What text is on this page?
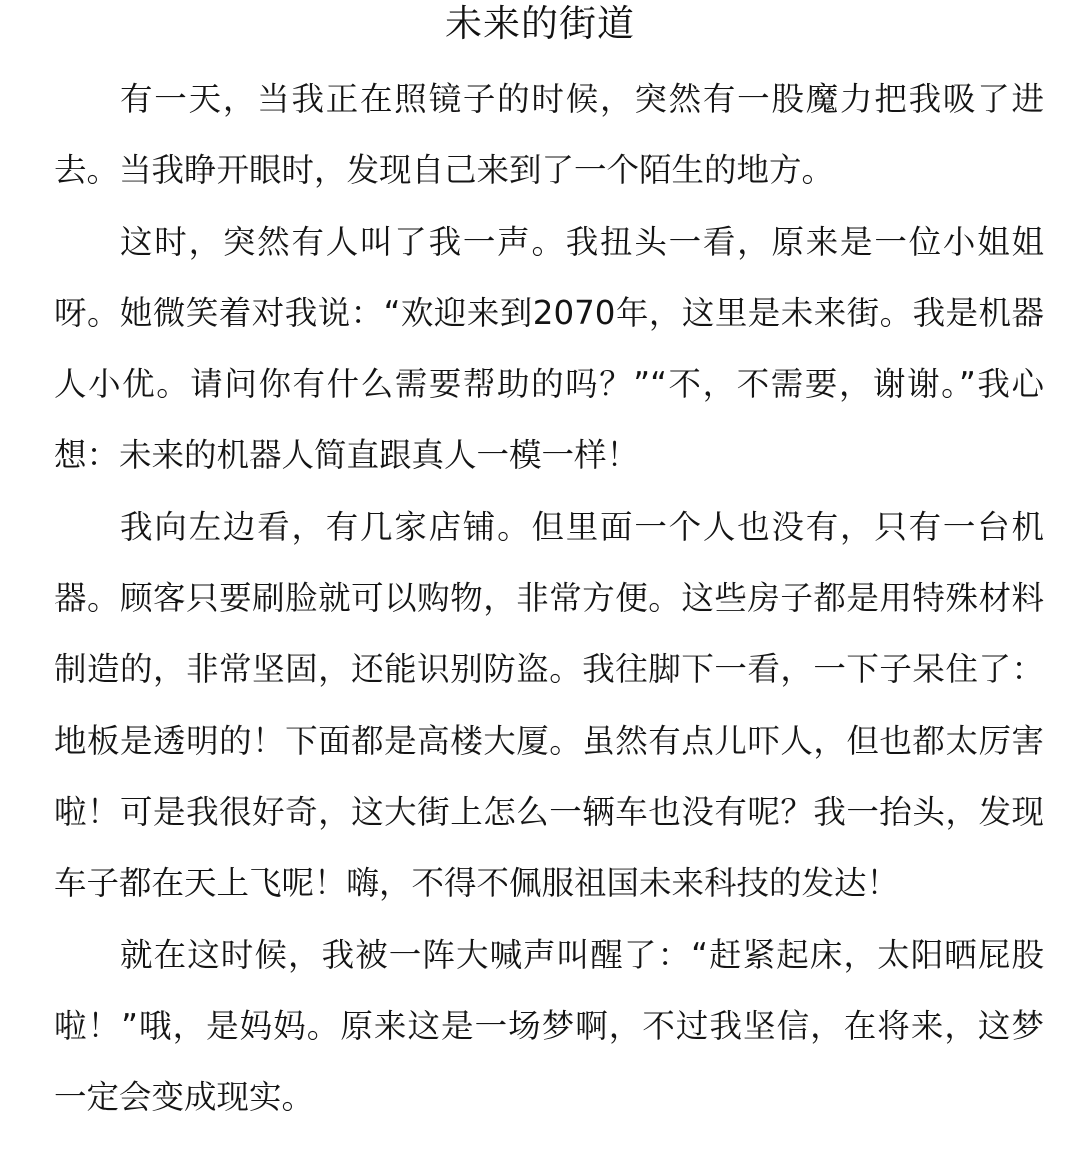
未来的街道

有一天，当我正在照镜子的时候，突然有一股魔力把我吸了进去。当我睁开眼时，发现自己来到了一个陌生的地方。

这时，突然有人叫了我一声。我扭头一看，原来是一位小姐姐呀。她微笑着对我说：“欢迎来到2070年，这里是未来街。我是机器人小优。请问你有什么需要帮助的吗？”“不，不需要，谢谢。”我心想：未来的机器人简直跟真人一模一样！

我向左边看，有几家店铺。但里面一个人也没有，只有一台机器。顾客只要刷脸就可以购物，非常方便。这些房子都是用特殊材料制造的，非常坚固，还能识别防盗。我往脚下一看，一下子呆住了：地板是透明的！下面都是高楼大厦。虽然有点儿吓人，但也都太厉害啦！可是我很好奇，这大街上怎么一辆车也没有呢？我一抬头，发现车子都在天上飞呢！嗨，不得不佩服祖国未来科技的发达！

就在这时候，我被一阵大喊声叫醒了：“赶紧起床，太阳晒屁股啦！”哦，是妈妈。原来这是一场梦啊，不过我坚信，在将来，这梦一定会变成现实。
